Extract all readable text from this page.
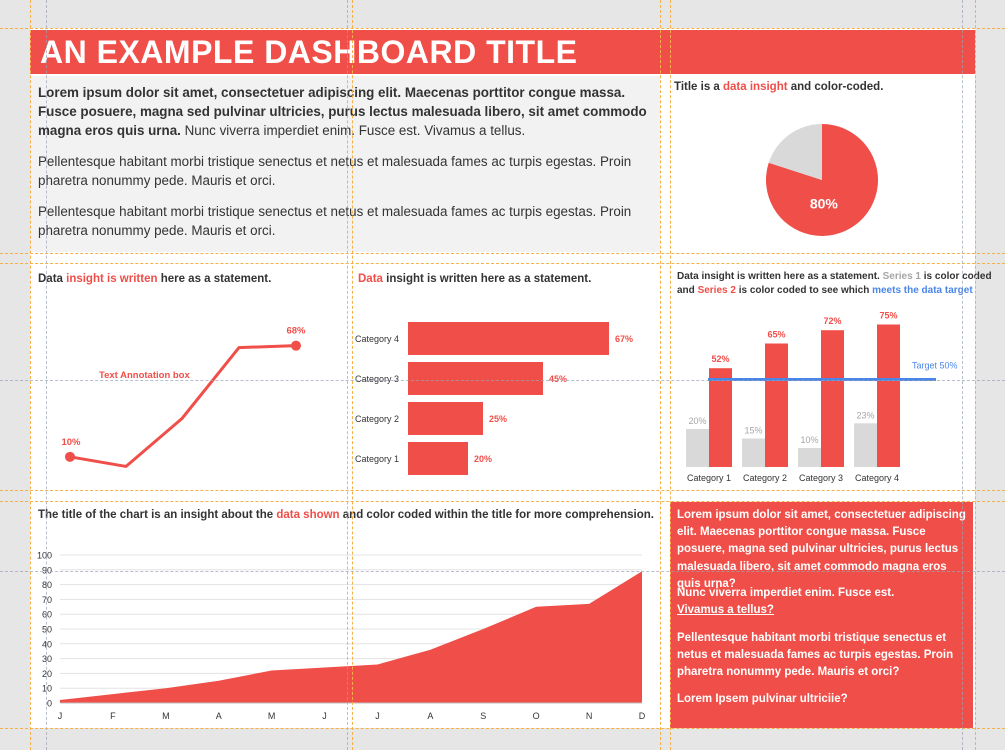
AN EXAMPLE DASHBOARD TITLE

Lorem ipsum dolor sit amet, consectetuer adipiscing elit. Maecenas porttitor congue massa. Fusce posuere, magna sed pulvinar ultricies, purus lectus malesuada libero, sit amet commodo magna eros quis urna. Nunc viverra imperdiet enim. Fusce est. Vivamus a tellus.

Pellentesque habitant morbi tristique senectus et netus et malesuada fames ac turpis egestas. Proin pharetra nonummy pede. Mauris et orci.

Pellentesque habitant morbi tristique senectus et netus et malesuada fames ac turpis egestas. Proin pharetra nonummy pede. Mauris et orci.

Title is a data insight and color-coded.
Data insight is written here as a statement.	Data insight is written here as a statement.	Data insight is written here as a statement. Series 1 is color coded
and Series 2 is color coded to see which meets the data target
The title of the chart is an insight about the data shown and color coded within the title for more comprehension.
80%
10%
68%
Text Annotation box
Category 4	67%
Category 3	45%
Category 2	25%
Category 1	20%
20%
52%
Category 1
15%
65%
Category 2
10%
72%
Category 3
23%
75%
Category 4
Target 50%
0
10
20
30
40
50
60
70
80
90
100
J	F	M	A	M	J	J	A	S	O	N	D

Lorem ipsum dolor sit amet, consectetuer adipiscing elit. Maecenas porttitor congue massa. Fusce posuere, magna sed pulvinar ultricies, purus lectus malesuada libero, sit amet commodo magna eros quis urna?

Nunc viverra imperdiet enim. Fusce est.
Vivamus a tellus?

Pellentesque habitant morbi tristique senectus et netus et malesuada fames ac turpis egestas. Proin pharetra nonummy pede. Mauris et orci?

Lorem Ipsem pulvinar ultriciie?
